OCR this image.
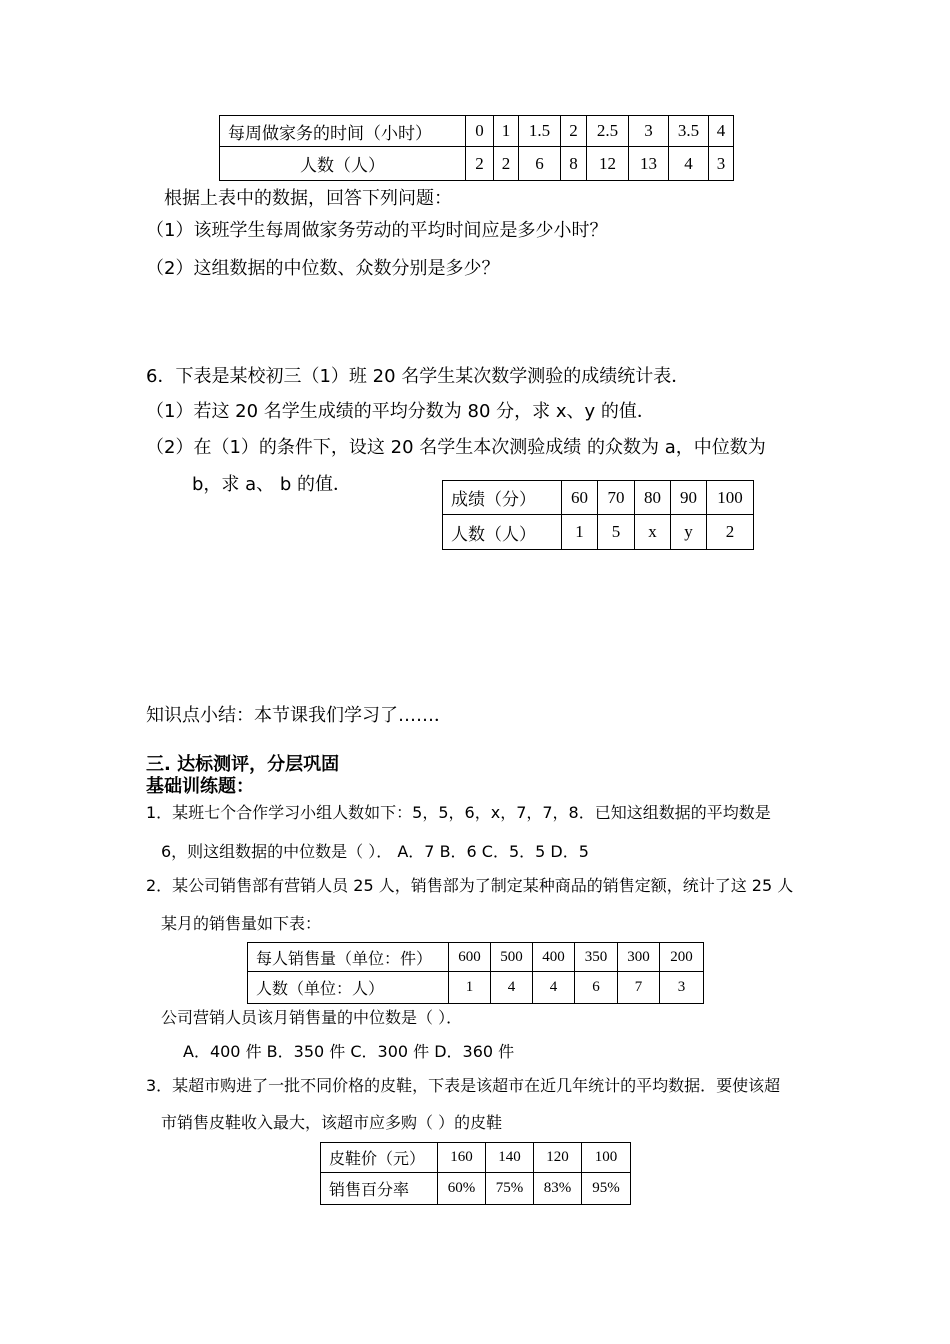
每周做家务的时间（小时）	0	1	1.5	2	2.5	3	3.5	4
人数（人）	2	2	6	8	12	13	4	3
根据上表中的数据，回答下列问题：
（1）该班学生每周做家务劳动的平均时间应是多少小时？
（2）这组数据的中位数、众数分别是多少？
6．下表是某校初三（1）班 20 名学生某次数学测验的成绩统计表．
（1）若这 20 名学生成绩的平均分数为 80 分，求 x、y 的值．
（2）在（1）的条件下，设这 20 名学生本次测验成绩 的众数为 a，中位数为
b，求 a、 b 的值．
成绩（分）	60	70	80	90	100
人数（人）	1	5	x	y	2
知识点小结：本节课我们学习了……．
三. 达标测评，分层巩固
基础训练题：
1．某班七个合作学习小组人数如下：5，5，6，x，7，7，8．已知这组数据的平均数是
6，则这组数据的中位数是（ ）． A．7 B．6 C．5．5 D．5
2．某公司销售部有营销人员 25 人，销售部为了制定某种商品的销售定额，统计了这 25 人
某月的销售量如下表：
每人销售量（单位：件）	600	500	400	350	300	200
人数（单位：人）	1	4	4	6	7	3
公司营销人员该月销售量的中位数是（ ）．
A．400 件 B．350 件 C．300 件 D．360 件
3．某超市购进了一批不同价格的皮鞋，下表是该超市在近几年统计的平均数据．要使该超
市销售皮鞋收入最大，该超市应多购（ ）的皮鞋
皮鞋价（元）	160	140	120	100
销售百分率	60%	75%	83%	95%
